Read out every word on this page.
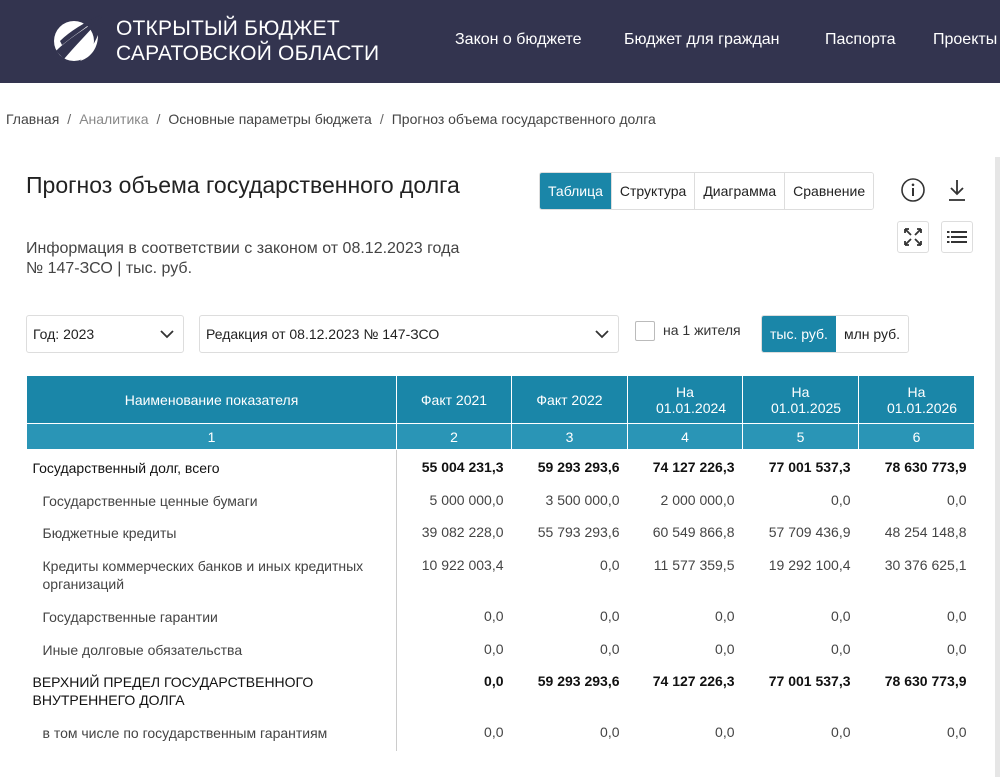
ОТКРЫТЫЙ БЮДЖЕТ
САРАТОВСКОЙ ОБЛАСТИ
Закон о бюджете	Бюджет для граждан	Паспорта Проекты
Главная / Аналитика / Основные параметры бюджета / Прогноз объема государственного долга
Прогноз объема государственного долга
Информация в соответствии с законом от 08.12.2023 года № 147-ЗСО | тыс. руб.
Таблица	Структура	Диаграмма	Сравнение
Год: 2023	Редакция от 08.12.2023 № 147-ЗСО	на 1 жителя	тыс. руб.	млн руб.
Наименование показателя	Факт 2021	Факт 2022	На 01.01.2024	На 01.01.2025	На 01.01.2026
1	2	3	4	5	6
Государственный долг, всего	55 004 231,3	59 293 293,6	74 127 226,3	77 001 537,3	78 630 773,9
Государственные ценные бумаги	5 000 000,0	3 500 000,0	2 000 000,0	0,0	0,0
Бюджетные кредиты	39 082 228,0	55 793 293,6	60 549 866,8	57 709 436,9	48 254 148,8
Кредиты коммерческих банков и иных кредитных организаций	10 922 003,4	0,0	11 577 359,5	19 292 100,4	30 376 625,1
Государственные гарантии	0,0	0,0	0,0	0,0	0,0
Иные долговые обязательства	0,0	0,0	0,0	0,0	0,0
ВЕРХНИЙ ПРЕДЕЛ ГОСУДАРСТВЕННОГО ВНУТРЕННЕГО ДОЛГА	0,0	59 293 293,6	74 127 226,3	77 001 537,3	78 630 773,9
в том числе по государственным гарантиям	0,0	0,0	0,0	0,0	0,0
